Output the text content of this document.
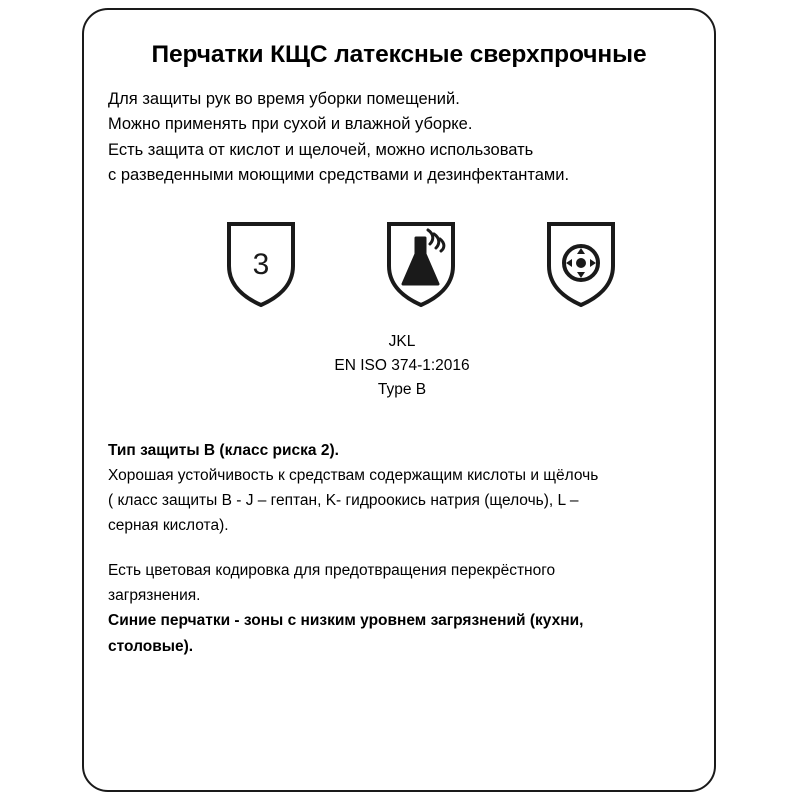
Перчатки КЩС латексные сверхпрочные
Для защиты рук во время уборки помещений.
Можно применять при сухой и влажной уборке.
Есть защита от кислот и щелочей, можно использовать
с разведенными моющими средствами и дезинфектантами.
3
JKL
EN ISO 374-1:2016
Type B

Тип защиты В (класс риска 2).

Хорошая устойчивость к средствам содержащим кислоты и щёлочь

( класс защиты B - J – гептан, K- гидроокись натрия (щелочь), L –

серная кислота).

Есть цветовая кодировка для предотвращения перекрёстного

загрязнения.

Синие перчатки - зоны с низким уровнем загрязнений (кухни,

столовые).
